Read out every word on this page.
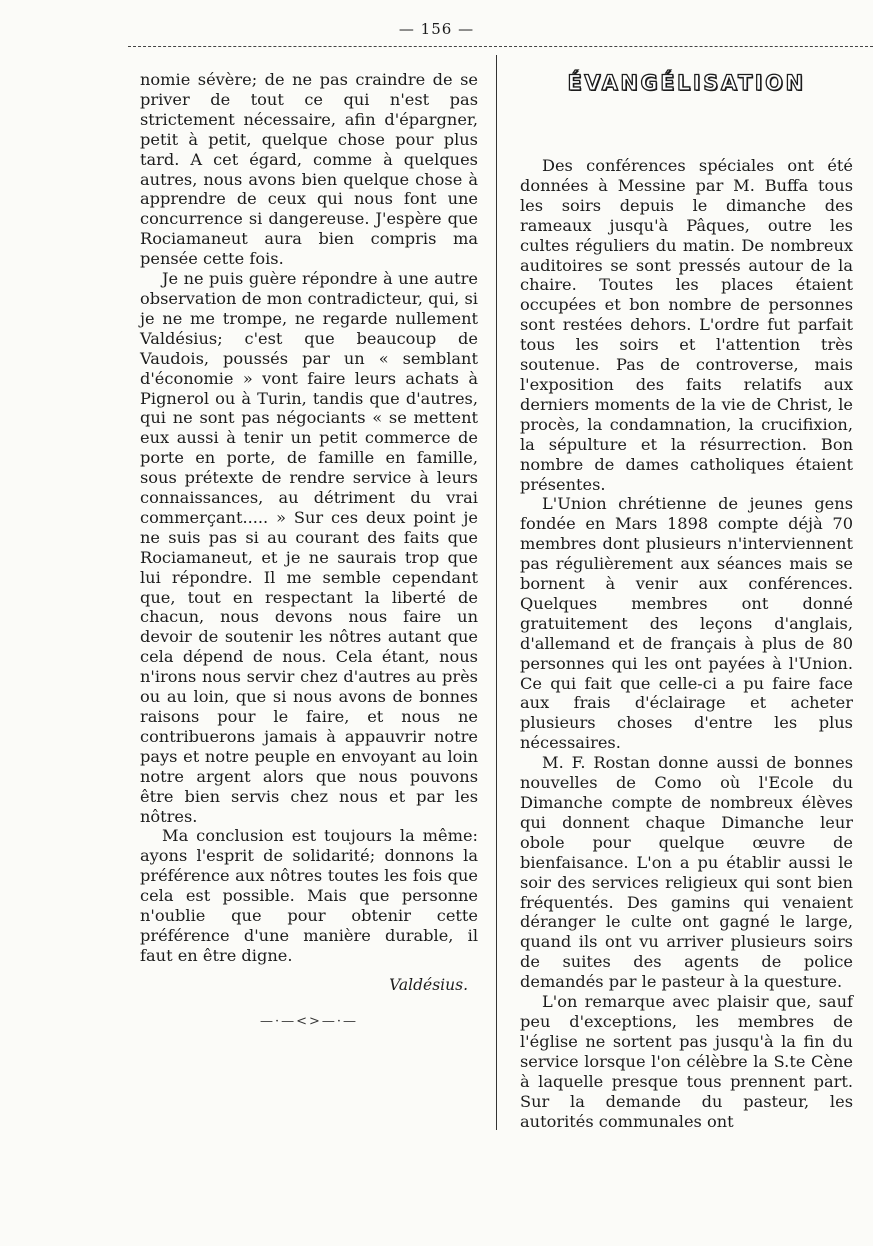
— 156 —

nomie sévère; de ne pas craindre de se priver de tout ce qui n'est pas strictement nécessaire, afin d'épargner, petit à petit, quelque chose pour plus tard. A cet égard, comme à quelques autres, nous avons bien quelque chose à apprendre de ceux qui nous font une concurrence si dangereuse. J'espère que Rociamaneut aura bien compris ma pensée cette fois.

Je ne puis guère répondre à une autre observation de mon contradicteur, qui, si je ne me trompe, ne regarde nullement Valdésius; c'est que beaucoup de Vaudois, poussés par un « semblant d'économie » vont faire leurs achats à Pignerol ou à Turin, tandis que d'autres, qui ne sont pas négociants « se mettent eux aussi à tenir un petit commerce de porte en porte, de famille en famille, sous prétexte de rendre service à leurs connaissances, au détriment du vrai commerçant..... » Sur ces deux point je ne suis pas si au courant des faits que Rociamaneut, et je ne saurais trop que lui répondre. Il me semble cependant que, tout en respectant la liberté de chacun, nous devons nous faire un devoir de soutenir les nôtres autant que cela dépend de nous. Cela étant, nous n'irons nous servir chez d'autres au près ou au loin, que si nous avons de bonnes raisons pour le faire, et nous ne contribuerons jamais à appauvrir notre pays et notre peuple en envoyant au loin notre argent alors que nous pouvons être bien servis chez nous et par les nôtres.

Ma conclusion est toujours la même: ayons l'esprit de solidarité; donnons la préférence aux nôtres toutes les fois que cela est possible. Mais que personne n'oublie que pour obtenir cette préférence d'une manière durable, il faut en être digne.

Valdésius.
—·—<>—·—
ÉVANGÉLISATION

Des conférences spéciales ont été données à Messine par M. Buffa tous les soirs depuis le dimanche des rameaux jusqu'à Pâques, outre les cultes réguliers du matin. De nombreux auditoires se sont pressés autour de la chaire. Toutes les places étaient occupées et bon nombre de personnes sont restées dehors. L'ordre fut parfait tous les soirs et l'attention très soutenue. Pas de controverse, mais l'exposition des faits relatifs aux derniers moments de la vie de Christ, le procès, la condamnation, la crucifixion, la sépulture et la résurrection. Bon nombre de dames catholiques étaient présentes.

L'Union chrétienne de jeunes gens fondée en Mars 1898 compte déjà 70 membres dont plusieurs n'interviennent pas régulièrement aux séances mais se bornent à venir aux conférences. Quelques membres ont donné gratuitement des leçons d'anglais, d'allemand et de français à plus de 80 personnes qui les ont payées à l'Union. Ce qui fait que celle-ci a pu faire face aux frais d'éclairage et acheter plusieurs choses d'entre les plus nécessaires.

M. F. Rostan donne aussi de bonnes nouvelles de Como où l'Ecole du Dimanche compte de nombreux élèves qui donnent chaque Dimanche leur obole pour quelque œuvre de bienfaisance. L'on a pu établir aussi le soir des services religieux qui sont bien fréquentés. Des gamins qui venaient déranger le culte ont gagné le large, quand ils ont vu arriver plusieurs soirs de suites des agents de police demandés par le pasteur à la questure.

L'on remarque avec plaisir que, sauf peu d'exceptions, les membres de l'église ne sortent pas jusqu'à la fin du service lorsque l'on célèbre la S.te Cène à laquelle presque tous prennent part. Sur la demande du pasteur, les autorités communales ont
